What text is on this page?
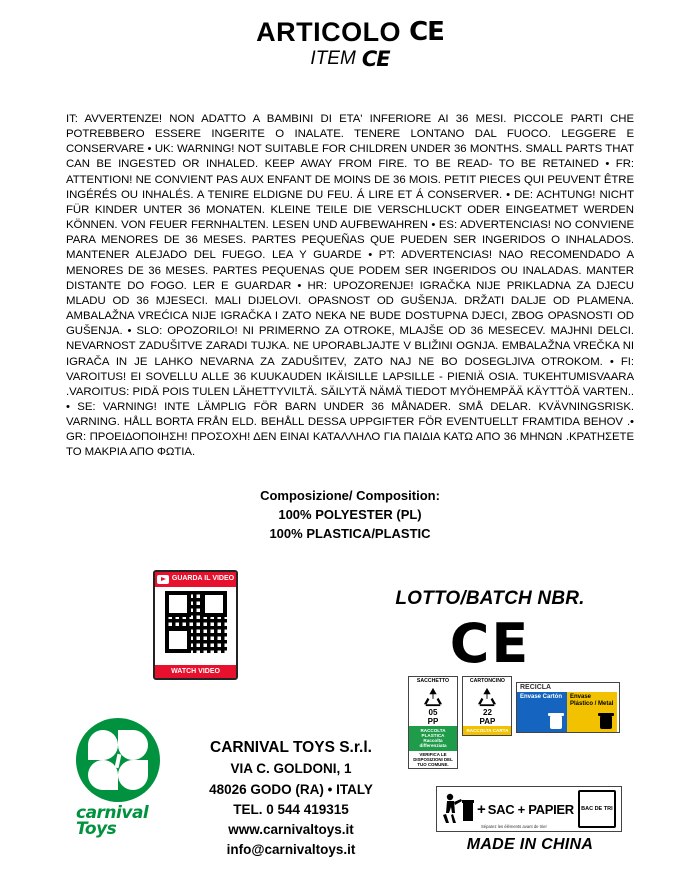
ARTICOLO CE
ITEM CE
IT: AVVERTENZE! NON ADATTO A BAMBINI DI ETA' INFERIORE AI 36 MESI. PICCOLE PARTI CHE POTREBBERO ESSERE INGERITE O INALATE. TENERE LONTANO DAL FUOCO. LEGGERE E CONSERVARE • UK: WARNING! NOT SUITABLE FOR CHILDREN UNDER 36 MONTHS. SMALL PARTS THAT CAN BE INGESTED OR INHALED. KEEP AWAY FROM FIRE. TO BE READ- TO BE RETAINED • FR: ATTENTION! NE CONVIENT PAS AUX ENFANT DE MOINS DE 36 MOIS. PETIT PIECES QUI PEUVENT ÊTRE INGÉRÉS OU INHALÉS. A TENIRE ELDIGNE DU FEU. Á LIRE ET Á CONSERVER. • DE: ACHTUNG! NICHT FÜR KINDER UNTER 36 MONATEN. KLEINE TEILE DIE VERSCHLUCKT ODER EINGEATMET WERDEN KÖNNEN. VON FEUER FERNHALTEN. LESEN UND AUFBEWAHREN • ES: ADVERTENCIAS! NO CONVIENE PARA MENORES DE 36 MESES. PARTES PEQUEÑAS QUE PUEDEN SER INGERIDOS O INHALADOS. MANTENER ALEJADO DEL FUEGO. LEA Y GUARDE • PT: ADVERTENCIAS! NAO RECOMENDADO A MENORES DE 36 MESES. PARTES PEQUENAS QUE PODEM SER INGERIDOS OU INALADAS. MANTER DISTANTE DO FOGO. LER E GUARDAR • HR: UPOZORENJE! IGRAČKA NIJE PRIKLADNA ZA DJECU MLADU OD 36 MJESECI. MALI DIJELOVI. OPASNOST OD GUŠENJA. DRŽATI DALJE OD PLAMENA. AMBALAŽNA VREĆICA NIJE IGRAČKA I ZATO NEKA NE BUDE DOSTUPNA DJECI, ZBOG OPASNOSTI OD GUŠENJA. • SLO: OPOZORILO! NI PRIMERNO ZA OTROKE, MLAJŠE OD 36 MESECEV. MAJHNI DELCI. NEVARNOST ZADUŠITVE ZARADI TUJKA. NE UPORABLJAJTE V BLIŽINI OGNJA. EMBALAŽNA VREČKA NI IGRAČA IN JE LAHKO NEVARNA ZA ZADUŠITEV, ZATO NAJ NE BO DOSEGLJIVA OTROKOM. • FI: VAROITUS! EI SOVELLU ALLE 36 KUUKAUDEN IKÄISILLE LAPSILLE - PIENIÄ OSIA. TUKEHTUMISVAARA .VAROITUS: PIDÄ POIS TULEN LÄHETTYVILTÄ. SÄILYTÄ NÄMÄ TIEDOT MYÖHEMPÄÄ KÄYTTÖÄ VARTEN.. • SE: VARNING! INTE LÄMPLIG FÖR BARN UNDER 36 MÅNADER. SMÅ DELAR. KVÄVNINGSRISK. VARNING. HÅLL BORTA FRÅN ELD. BEHÅLL DESSA UPPGIFTER FÖR EVENTUELLT FRAMTIDA BEHOV .• GR: ΠΡΟΕΙΔΟΠΟΙΗΣΗ! ΠΡΟΣΟΧΗ! ΔΕΝ ΕΙΝΑΙ ΚΑΤΑΛΛΗΛΟ ΓΙΑ ΠΑΙΔΙΑ ΚΑΤΩ ΑΠΟ 36 ΜΗΝΩΝ .ΚΡΑΤΗΣΕΤΕ ΤΟ ΜΑΚΡΙΑ ΑΠΟ ΦΩΤΙΑ.
Composizione/ Composition:
100% POLYESTER (PL)
100% PLASTICA/PLASTIC
GUARDA IL VIDEO
WATCH VIDEO
LOTTO/BATCH NBR.
CE
carnival Toys
CARNIVAL TOYS S.r.l.
VIA C. GOLDONI, 1
48026 GODO (RA) • ITALY
TEL. 0 544 419315
www.carnivaltoys.it
info@carnivaltoys.it
SACCHETTO
05
PP
RACCOLTA PLASTICA
Raccolta differenziata
VERIFICA LE DISPOSIZIONI DEL TUO COMUNE.

CARTONCINO
22
PAP
RACCOLTA CARTA
RECICLA
Envase Cartón	Envase Plástico / Metal
+ SAC + PAPIER	BAC DE TRI
Séparez les éléments avant de trier
MADE IN CHINA
